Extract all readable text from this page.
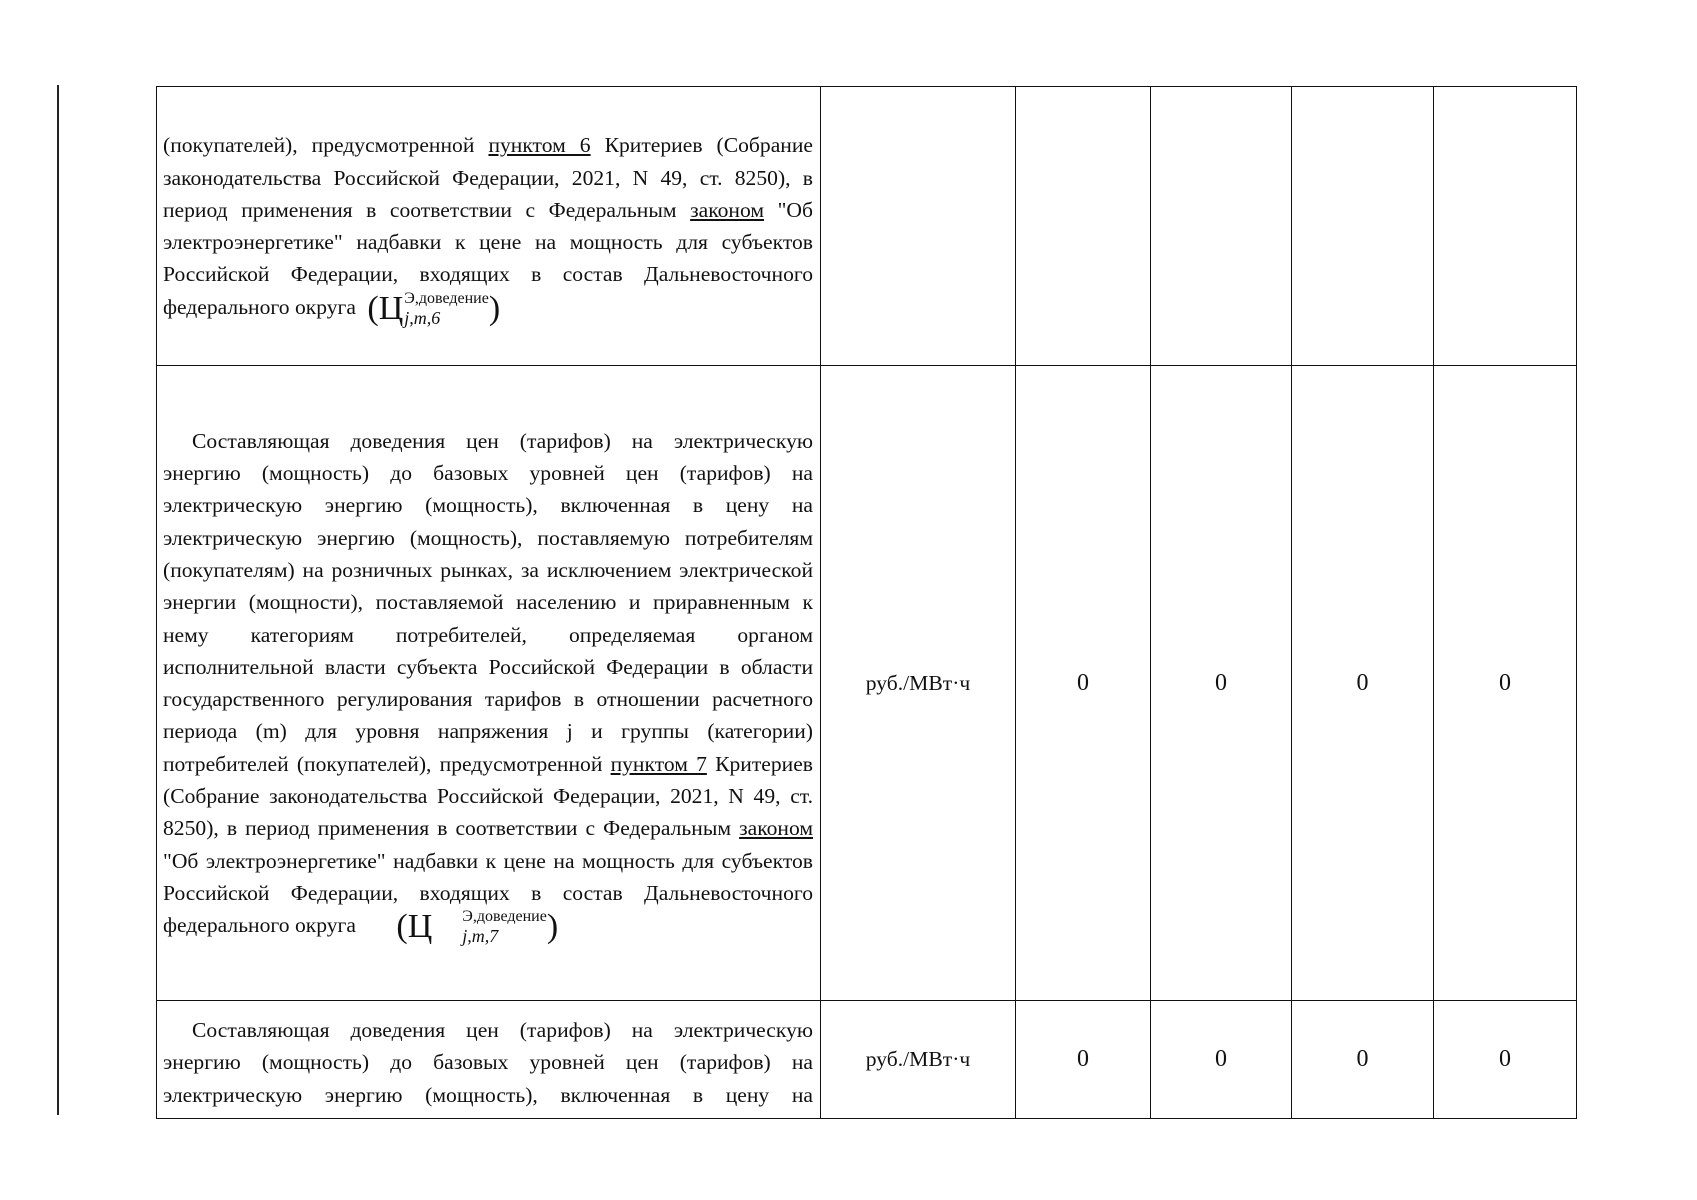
(покупателей), предусмотренной пунктом 6 Критериев (Собрание законодательства Российской Федерации, 2021, N 49, ст. 8250), в период применения в соответствии с Федеральным законом "Об электроэнергетике" надбавки к цене на мощность для субъектов Российской Федерации, входящих в состав Дальневосточного федерального округа (Ц Э,доведение
j,m,6 )					

Составляющая доведения цен (тарифов) на электрическую энергию (мощность) до базовых уровней цен (тарифов) на электрическую энергию (мощность), включенная в цену на электрическую энергию (мощность), поставляемую потребителям (покупателям) на розничных рынках, за исключением электрической энергии (мощности), поставляемой населению и приравненным к нему категориям потребителей, определяемая органом исполнительной власти субъекта Российской Федерации в области государственного регулирования тарифов в отношении расчетного периода (m) для уровня напряжения j и группы (категории) потребителей (покупателей), предусмотренной пунктом 7 Критериев (Собрание законодательства Российской Федерации, 2021, N 49, ст. 8250), в период применения в соответствии с Федеральным законом "Об электроэнергетике" надбавки к цене на мощность для субъектов Российской Федерации, входящих в состав Дальневосточного федерального округа (Ц Э,доведение
j,m,7 )	руб./МВт·ч	0	0	0	0

Составляющая доведения цен (тарифов) на электрическую энергию (мощность) до базовых уровней цен (тарифов) на электрическую энергию (мощность), включенная в цену на	руб./МВт·ч	0	0	0	0
